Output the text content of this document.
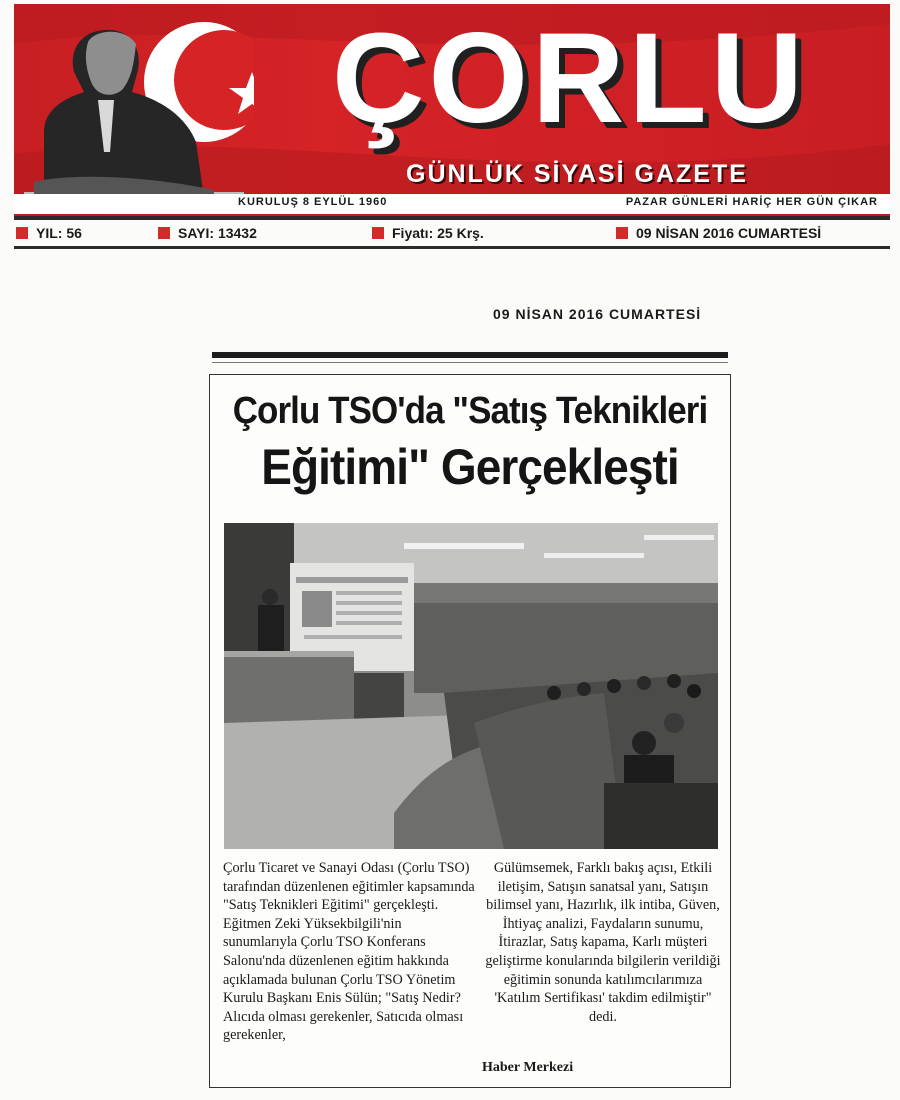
ÇORLU
GÜNLÜK SİYASİ GAZETE
KURULUŞ 8 EYLÜL 1960	PAZAR GÜNLERİ HARİÇ HER GÜN ÇIKAR
YIL: 56	SAYI: 13432	Fiyatı: 25 Krş.	09 NİSAN 2016 CUMARTESİ
09 NİSAN 2016 CUMARTESİ
Çorlu TSO'da "Satış Teknikleri
Eğitimi" Gerçekleşti

Çorlu Ticaret ve Sanayi Odası (Çorlu TSO) tarafından düzenlenen eğitimler kapsamında "Satış Teknikleri Eğitimi" gerçekleşti.

Eğitmen Zeki Yüksekbilgili'nin sunumlarıyla Çorlu TSO Konferans Salonu'nda düzenlenen eğitim hakkında açıklamada bulunan Çorlu TSO Yönetim Kurulu Başkanı Enis Sülün; "Satış Nedir? Alıcıda olması gerekenler, Satıcıda olması gerekenler,

Gülümsemek, Farklı bakış açısı, Etkili iletişim, Satışın sanatsal yanı, Satışın bilimsel yanı, Hazırlık, ilk intiba, Güven, İhtiyaç analizi, Faydaların sunumu, İtirazlar, Satış kapama, Karlı müşteri geliştirme konularında bilgilerin verildiği eğitimin sonunda katılımcılarımıza 'Katılım Sertifikası' takdim edilmiştir" dedi.

Haber Merkezi
